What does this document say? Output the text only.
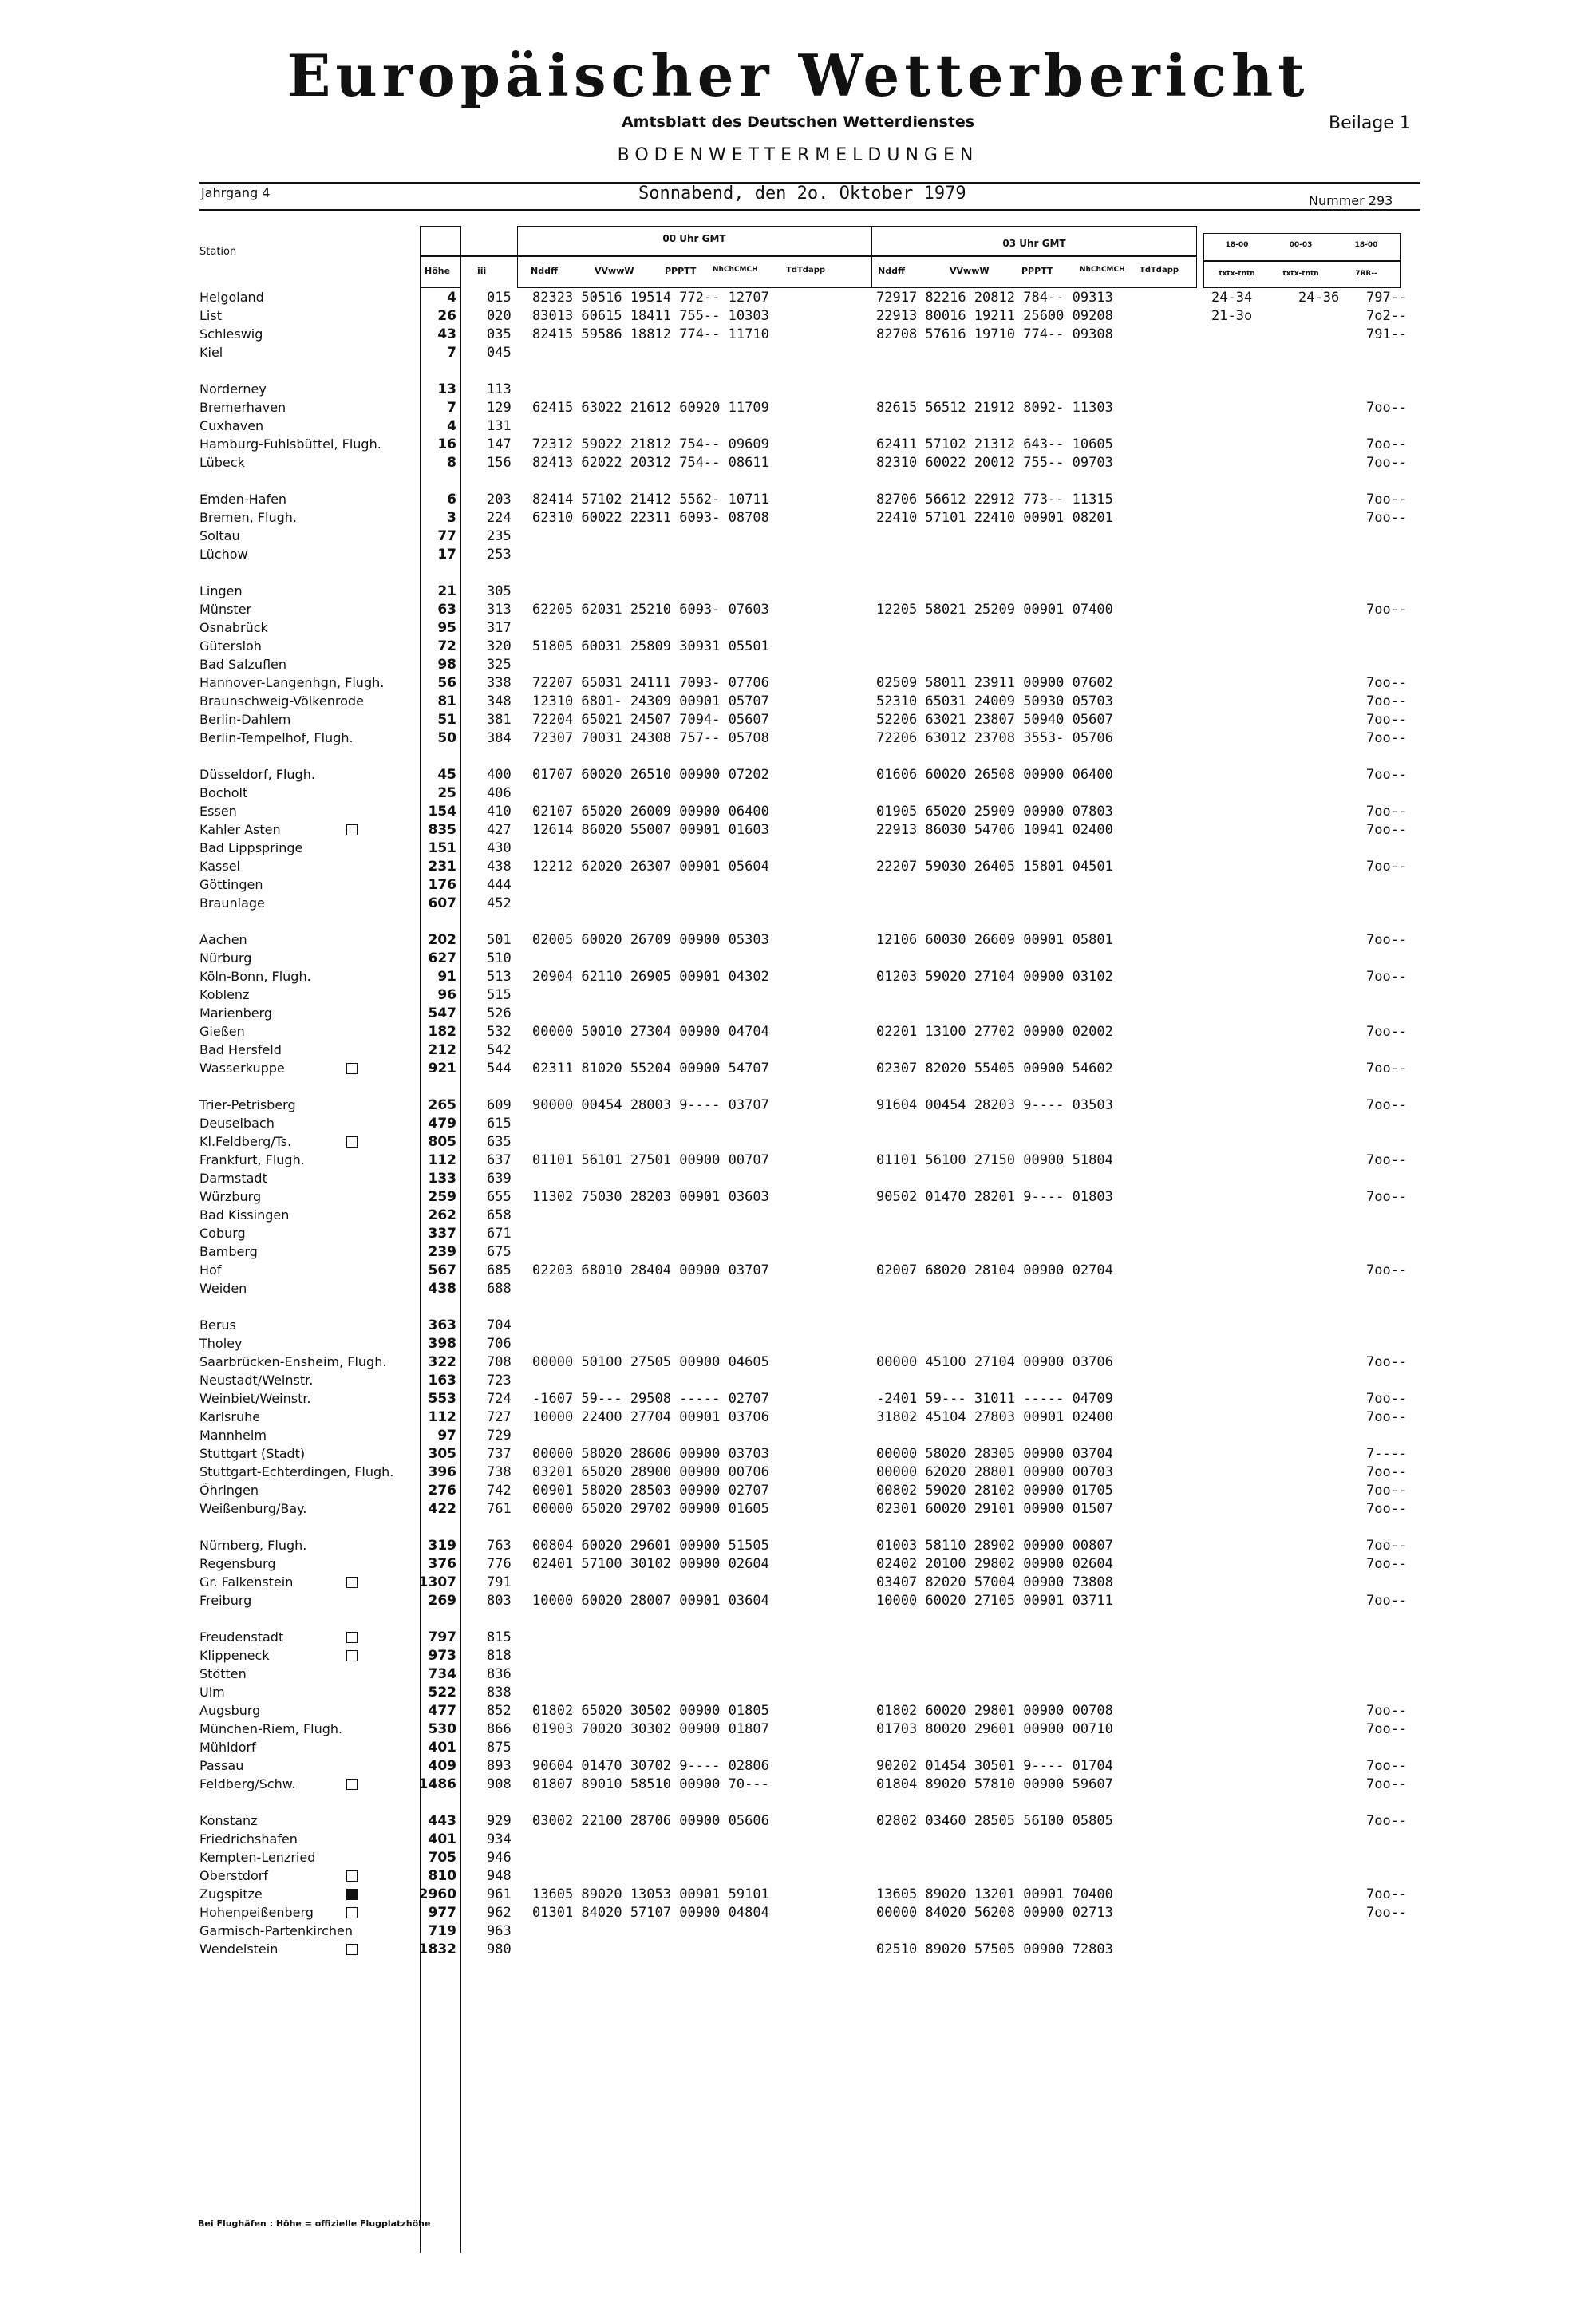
Europäischer Wetterbericht
Amtsblatt des Deutschen Wetterdienstes	Beilage 1
BODENWETTERMELDUNGEN
Jahrgang 4	Sonnabend, den 2o. Oktober 1979	Nummer 293
Station
Höhe	iii
00 Uhr GMT	03 Uhr GMT
Nddff	VVwwW	PPPTT NhChCMCH	TdTdapp	Nddff	VVwwW	PPPTT	NhChCMCH TdTdapp
18-00	00-03	18-00
txtx-tntn	txtx-tntn	7RR--
Helgoland	4 015 82323 50516 19514 772-- 12707	72917 82216 20812 784-- 09313	24-34	24-36 797--
List	26 020 83013 60615 18411 755-- 10303	22913 80016 19211 25600 09208	21-3o	7o2--
Schleswig	43 035 82415 59586 18812 774-- 11710	82708 57616 19710 774-- 09308	791--
Kiel	7 045
Norderney	13 113
Bremerhaven	7 129 62415 63022 21612 60920 11709	82615 56512 21912 8092- 11303	7oo--
Cuxhaven	4 131
Hamburg-Fuhlsbüttel, Flugh.	16 147 72312 59022 21812 754-- 09609	62411 57102 21312 643-- 10605	7oo--
Lübeck	8 156 82413 62022 20312 754-- 08611	82310 60022 20012 755-- 09703	7oo--
Emden-Hafen	6 203 82414 57102 21412 5562- 10711	82706 56612 22912 773-- 11315	7oo--
Bremen, Flugh.	3 224 62310 60022 22311 6093- 08708	22410 57101 22410 00901 08201	7oo--
Soltau	77 235
Lüchow	17 253
Lingen	21 305
Münster	63 313 62205 62031 25210 6093- 07603	12205 58021 25209 00901 07400	7oo--
Osnabrück	95 317
Gütersloh	72 320 51805 60031 25809 30931 05501
Bad Salzuflen	98 325
Hannover-Langenhgn, Flugh.	56 338 72207 65031 24111 7093- 07706	02509 58011 23911 00900 07602	7oo--
Braunschweig-Völkenrode	81 348 12310 6801- 24309 00901 05707	52310 65031 24009 50930 05703	7oo--
Berlin-Dahlem	51 381 72204 65021 24507 7094- 05607	52206 63021 23807 50940 05607	7oo--
Berlin-Tempelhof, Flugh.	50 384 72307 70031 24308 757-- 05708	72206 63012 23708 3553- 05706	7oo--
Düsseldorf, Flugh.	45 400 01707 60020 26510 00900 07202	01606 60020 26508 00900 06400	7oo--
Bocholt	25 406
Essen	154 410 02107 65020 26009 00900 06400	01905 65020 25909 00900 07803	7oo--
Kahler Asten	835 427 12614 86020 55007 00901 01603	22913 86030 54706 10941 02400	7oo--
Bad Lippspringe	151 430
Kassel	231 438 12212 62020 26307 00901 05604	22207 59030 26405 15801 04501	7oo--
Göttingen	176 444
Braunlage	607 452
Aachen	202 501 02005 60020 26709 00900 05303	12106 60030 26609 00901 05801	7oo--
Nürburg	627 510
Köln-Bonn, Flugh.	91 513 20904 62110 26905 00901 04302	01203 59020 27104 00900 03102	7oo--
Koblenz	96 515
Marienberg	547 526
Gießen	182 532 00000 50010 27304 00900 04704	02201 13100 27702 00900 02002	7oo--
Bad Hersfeld	212 542
Wasserkuppe	921 544 02311 81020 55204 00900 54707	02307 82020 55405 00900 54602	7oo--
Trier-Petrisberg	265 609 90000 00454 28003 9---- 03707	91604 00454 28203 9---- 03503	7oo--
Deuselbach	479 615
Kl.Feldberg/Ts.	805 635
Frankfurt, Flugh.	112 637 01101 56101 27501 00900 00707	01101 56100 27150 00900 51804	7oo--
Darmstadt	133 639
Würzburg	259 655 11302 75030 28203 00901 03603	90502 01470 28201 9---- 01803	7oo--
Bad Kissingen	262 658
Coburg	337 671
Bamberg	239 675
Hof	567 685 02203 68010 28404 00900 03707	02007 68020 28104 00900 02704	7oo--
Weiden	438 688
Berus	363 704
Tholey	398 706
Saarbrücken-Ensheim, Flugh.	322 708 00000 50100 27505 00900 04605	00000 45100 27104 00900 03706	7oo--
Neustadt/Weinstr.	163 723
Weinbiet/Weinstr.	553 724 -1607 59--- 29508 ----- 02707	-2401 59--- 31011 ----- 04709	7oo--
Karlsruhe	112 727 10000 22400 27704 00901 03706	31802 45104 27803 00901 02400	7oo--
Mannheim	97 729
Stuttgart (Stadt)	305 737 00000 58020 28606 00900 03703	00000 58020 28305 00900 03704	7----
Stuttgart-Echterdingen, Flugh.	396 738 03201 65020 28900 00900 00706	00000 62020 28801 00900 00703	7oo--
Öhringen	276 742 00901 58020 28503 00900 02707	00802 59020 28102 00900 01705	7oo--
Weißenburg/Bay.	422 761 00000 65020 29702 00900 01605	02301 60020 29101 00900 01507	7oo--
Nürnberg, Flugh.	319 763 00804 60020 29601 00900 51505	01003 58110 28902 00900 00807	7oo--
Regensburg	376 776 02401 57100 30102 00900 02604	02402 20100 29802 00900 02604	7oo--
Gr. Falkenstein	1307 791	03407 82020 57004 00900 73808
Freiburg	269 803 10000 60020 28007 00901 03604	10000 60020 27105 00901 03711	7oo--
Freudenstadt	797 815
Klippeneck	973 818
Stötten	734 836
Ulm	522 838
Augsburg	477 852 01802 65020 30502 00900 01805	01802 60020 29801 00900 00708	7oo--
München-Riem, Flugh.	530 866 01903 70020 30302 00900 01807	01703 80020 29601 00900 00710	7oo--
Mühldorf	401 875
Passau	409 893 90604 01470 30702 9---- 02806	90202 01454 30501 9---- 01704	7oo--
Feldberg/Schw.	1486 908 01807 89010 58510 00900 70---	01804 89020 57810 00900 59607	7oo--
Konstanz	443 929 03002 22100 28706 00900 05606	02802 03460 28505 56100 05805	7oo--
Friedrichshafen	401 934
Kempten-Lenzried	705 946
Oberstdorf	810 948
Zugspitze	2960 961 13605 89020 13053 00901 59101	13605 89020 13201 00901 70400	7oo--
Hohenpeißenberg	977 962 01301 84020 57107 00900 04804	00000 84020 56208 00900 02713	7oo--
Garmisch-Partenkirchen	719 963
Wendelstein	1832 980	02510 89020 57505 00900 72803
Bei Flughäfen : Höhe = offizielle Flugplatzhöhe
